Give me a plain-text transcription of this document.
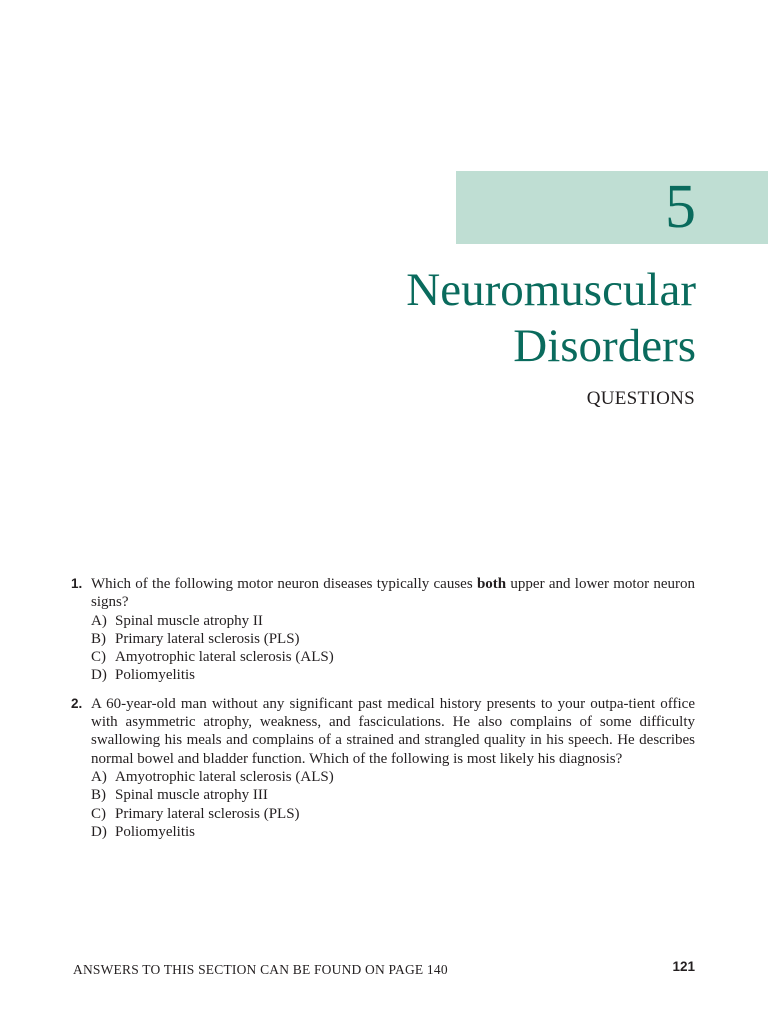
5
Neuromuscular
Disorders
QUESTIONS
1. Which of the following motor neuron diseases typically causes both upper and lower motor neuron signs?
A) Spinal muscle atrophy II
B) Primary lateral sclerosis (PLS)
C) Amyotrophic lateral sclerosis (ALS)
D) Poliomyelitis
2. A 60-year-old man without any significant past medical history presents to your outpa-tient office with asymmetric atrophy, weakness, and fasciculations. He also complains of some difficulty swallowing his meals and complains of a strained and strangled quality in his speech. He describes normal bowel and bladder function. Which of the following is most likely his diagnosis?
A) Amyotrophic lateral sclerosis (ALS)
B) Spinal muscle atrophy III
C) Primary lateral sclerosis (PLS)
D) Poliomyelitis
ANSWERS TO THIS SECTION CAN BE FOUND ON PAGE 140	121
